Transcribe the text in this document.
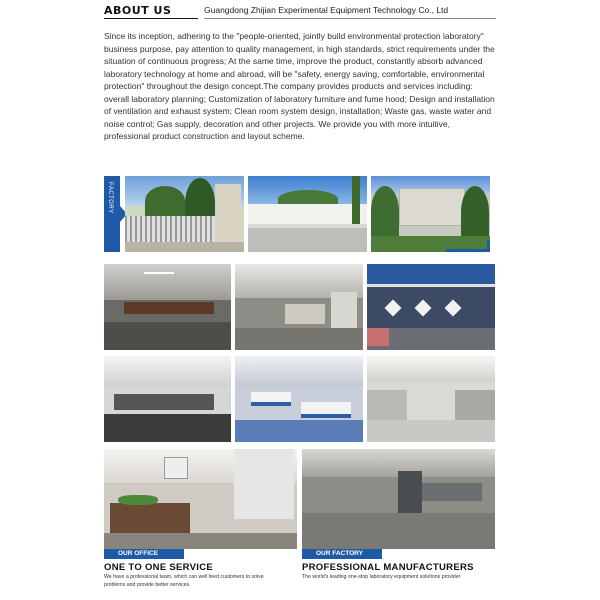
ABOUT US	Guangdong Zhijian Experimental Equipment Technology Co., Ltd

Since its inception, adhering to the "people-oriented, jointly build environmental protection laboratory" business purpose, pay attention to quality management, in high standards, strict requirements under the situation of continuous progress; At the same time, improve the product, constantly absorb advanced laboratory technology at home and abroad, will be "safety, energy saving, comfortable, environmental protection" throughout the design concept.The company provides products and services including: overall laboratory planning; Customization of laboratory furniture and fume hood; Design and installation of ventilation and exhaust system; Clean room system design, installation; Waste gas, waste water and noise control; Gas supply, decoration and other projects. We provide you with more intuitive, professional product construction and layout scheme.

FACTORY
OUR OFFICE	OUR FACTORY
ONE TO ONE SERVICE
We have a professional team, which can well feed customers to solve problems and provide better services.
PROFESSIONAL MANUFACTURERS
The world's leading one-stop laboratory equipment solutions provider
